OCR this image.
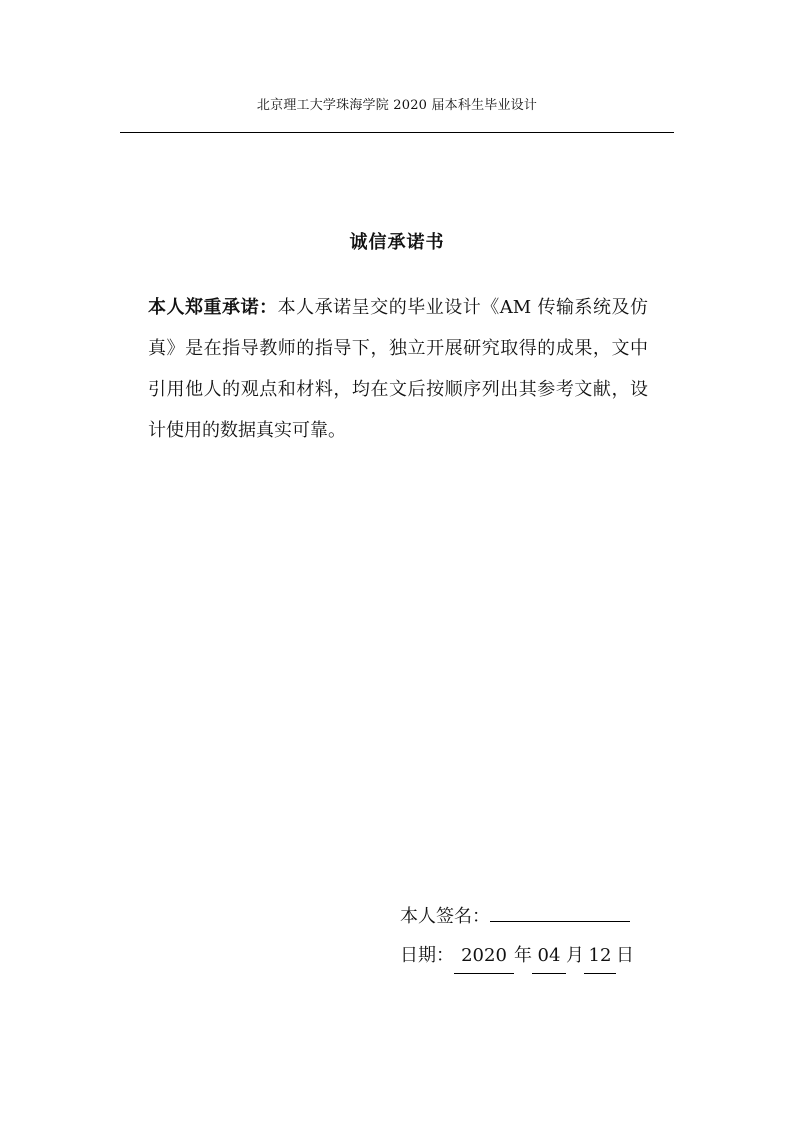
北京理工大学珠海学院 2020 届本科生毕业设计
诚信承诺书
本人郑重承诺：本人承诺呈交的毕业设计《AM 传输系统及仿真》是在指导教师的指导下，独立开展研究取得的成果，文中引用他人的观点和材料，均在文后按顺序列出其参考文献，设计使用的数据真实可靠。
本人签名：
日期： 2020 年 04 月 12 日
